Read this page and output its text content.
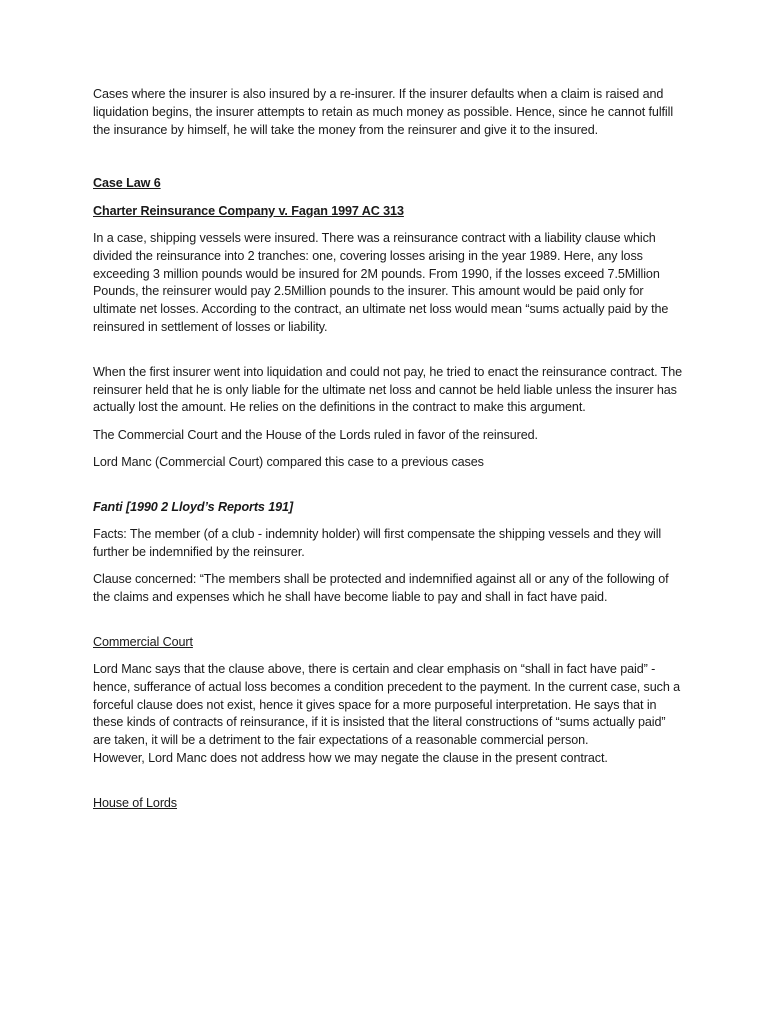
Cases where the insurer is also insured by a re-insurer. If the insurer defaults when a claim is raised and liquidation begins, the insurer attempts to retain as much money as possible. Hence, since he cannot fulfill the insurance by himself, he will take the money from the reinsurer and give it to the insured.

Case Law 6

Charter Reinsurance Company v. Fagan 1997 AC 313

In a case, shipping vessels were insured. There was a reinsurance contract with a liability clause which divided the reinsurance into 2 tranches: one, covering losses arising in the year 1989. Here, any loss exceeding 3 million pounds would be insured for 2M pounds. From 1990, if the losses exceed 7.5Million Pounds, the reinsurer would pay 2.5Million pounds to the insurer. This amount would be paid only for ultimate net losses. According to the contract, an ultimate net loss would mean “sums actually paid by the reinsured in settlement of losses or liability.

When the first insurer went into liquidation and could not pay, he tried to enact the reinsurance contract. The reinsurer held that he is only liable for the ultimate net loss and cannot be held liable unless the insurer has actually lost the amount. He relies on the definitions in the contract to make this argument.

The Commercial Court and the House of the Lords ruled in favor of the reinsured.

Lord Manc (Commercial Court) compared this case to a previous cases

Fanti [1990 2 Lloyd’s Reports 191]

Facts: The member (of a club - indemnity holder) will first compensate the shipping vessels and they will further be indemnified by the reinsurer.

Clause concerned: “The members shall be protected and indemnified against all or any of the following of the claims and expenses which he shall have become liable to pay and shall in fact have paid.

Commercial Court

Lord Manc says that the clause above, there is certain and clear emphasis on “shall in fact have paid” - hence, sufferance of actual loss becomes a condition precedent to the payment. In the current case, such a forceful clause does not exist, hence it gives space for a more purposeful interpretation. He says that in these kinds of contracts of reinsurance, if it is insisted that the literal constructions of “sums actually paid” are taken, it will be a detriment to the fair expectations of a reasonable commercial person.

However, Lord Manc does not address how we may negate the clause in the present contract.

House of Lords
